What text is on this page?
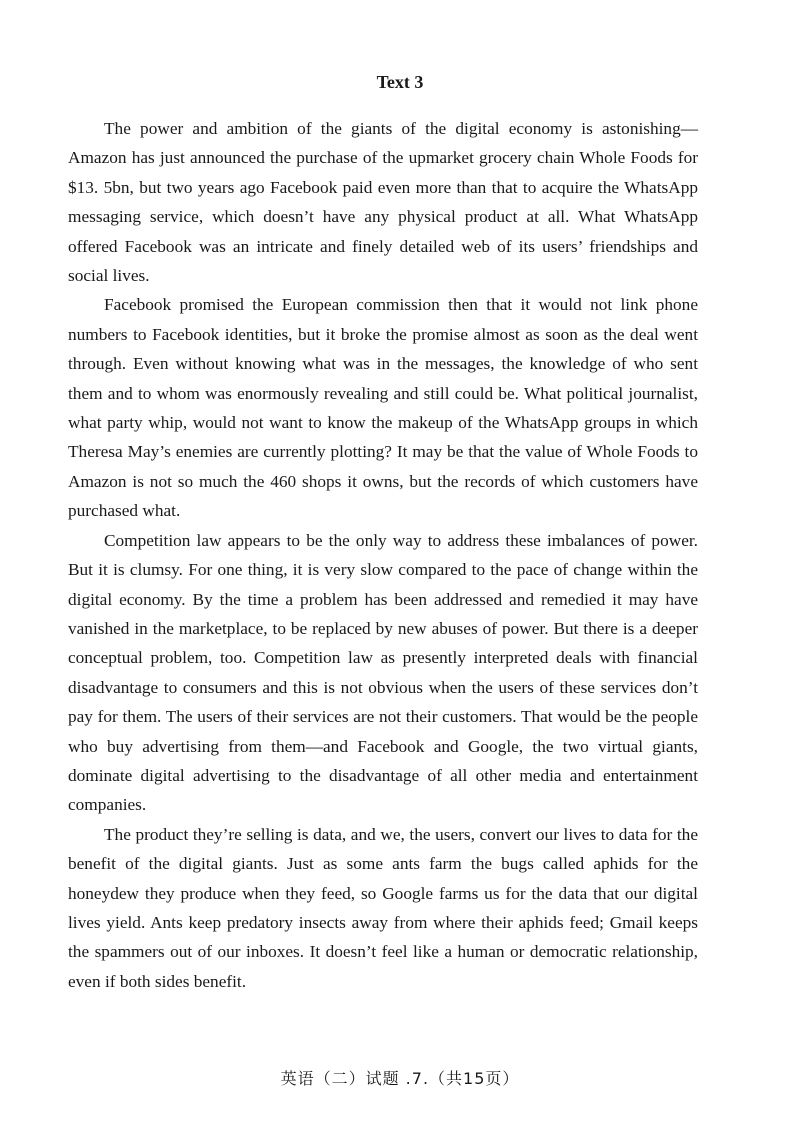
Text 3

The power and ambition of the giants of the digital economy is astonishing—Amazon has just announced the purchase of the upmarket grocery chain Whole Foods for $13. 5bn, but two years ago Facebook paid even more than that to acquire the WhatsApp messaging service, which doesn’t have any physical product at all. What WhatsApp offered Facebook was an intricate and finely detailed web of its users’ friendships and social lives.

Facebook promised the European commission then that it would not link phone numbers to Facebook identities, but it broke the promise almost as soon as the deal went through. Even without knowing what was in the messages, the knowledge of who sent them and to whom was enormously revealing and still could be. What political journalist, what party whip, would not want to know the makeup of the WhatsApp groups in which Theresa May’s enemies are currently plotting? It may be that the value of Whole Foods to Amazon is not so much the 460 shops it owns, but the records of which customers have purchased what.

Competition law appears to be the only way to address these imbalances of power. But it is clumsy. For one thing, it is very slow compared to the pace of change within the digital economy. By the time a problem has been addressed and remedied it may have vanished in the marketplace, to be replaced by new abuses of power. But there is a deeper conceptual problem, too. Competition law as presently interpreted deals with financial disadvantage to consumers and this is not obvious when the users of these services don’t pay for them. The users of their services are not their customers. That would be the people who buy advertising from them—and Facebook and Google, the two virtual giants, dominate digital advertising to the disadvantage of all other media and entertainment companies.

The product they’re selling is data, and we, the users, convert our lives to data for the benefit of the digital giants. Just as some ants farm the bugs called aphids for the honeydew they produce when they feed, so Google farms us for the data that our digital lives yield. Ants keep predatory insects away from where their aphids feed; Gmail keeps the spammers out of our inboxes. It doesn’t feel like a human or democratic relationship, even if both sides benefit.

英语（二）试题 .7.（共15页）
